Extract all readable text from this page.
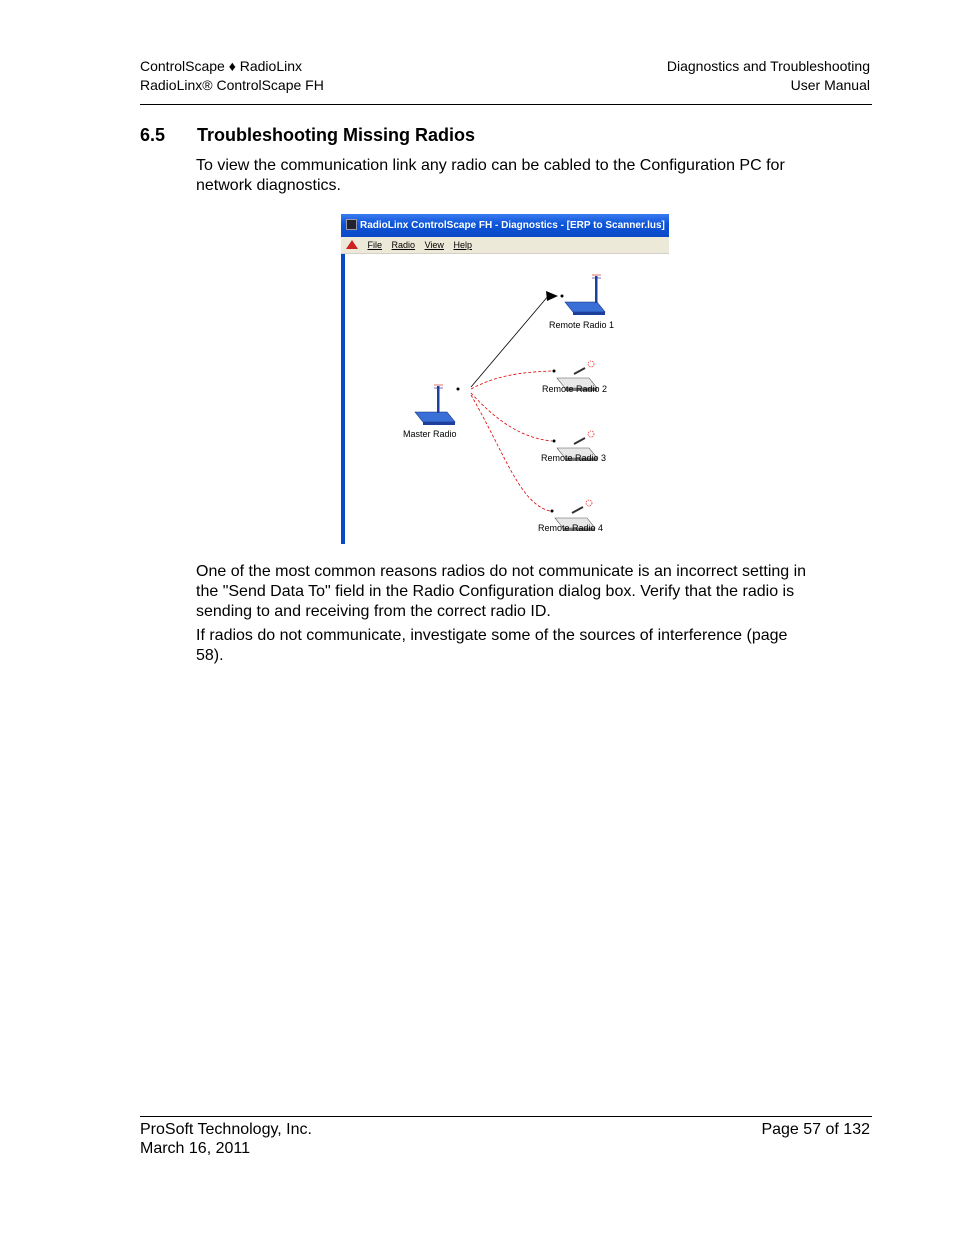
ControlScape ♦ RadioLinx
RadioLinx® ControlScape FH
Diagnostics and Troubleshooting
User Manual
6.5 Troubleshooting Missing Radios
To view the communication link any radio can be cabled to the Configuration PC for network diagnostics.
RadioLinx ControlScape FH - Diagnostics - [ERP to Scanner.lus]
File Radio View Help
Master Radio
Remote Radio 1
Remote Radio 2
Remote Radio 3
Remote Radio 4
One of the most common reasons radios do not communicate is an incorrect setting in the "Send Data To" field in the Radio Configuration dialog box. Verify that the radio is sending to and receiving from the correct radio ID.
If radios do not communicate, investigate some of the sources of interference (page 58).
ProSoft Technology, Inc.
March 16, 2011
Page 57 of 132
